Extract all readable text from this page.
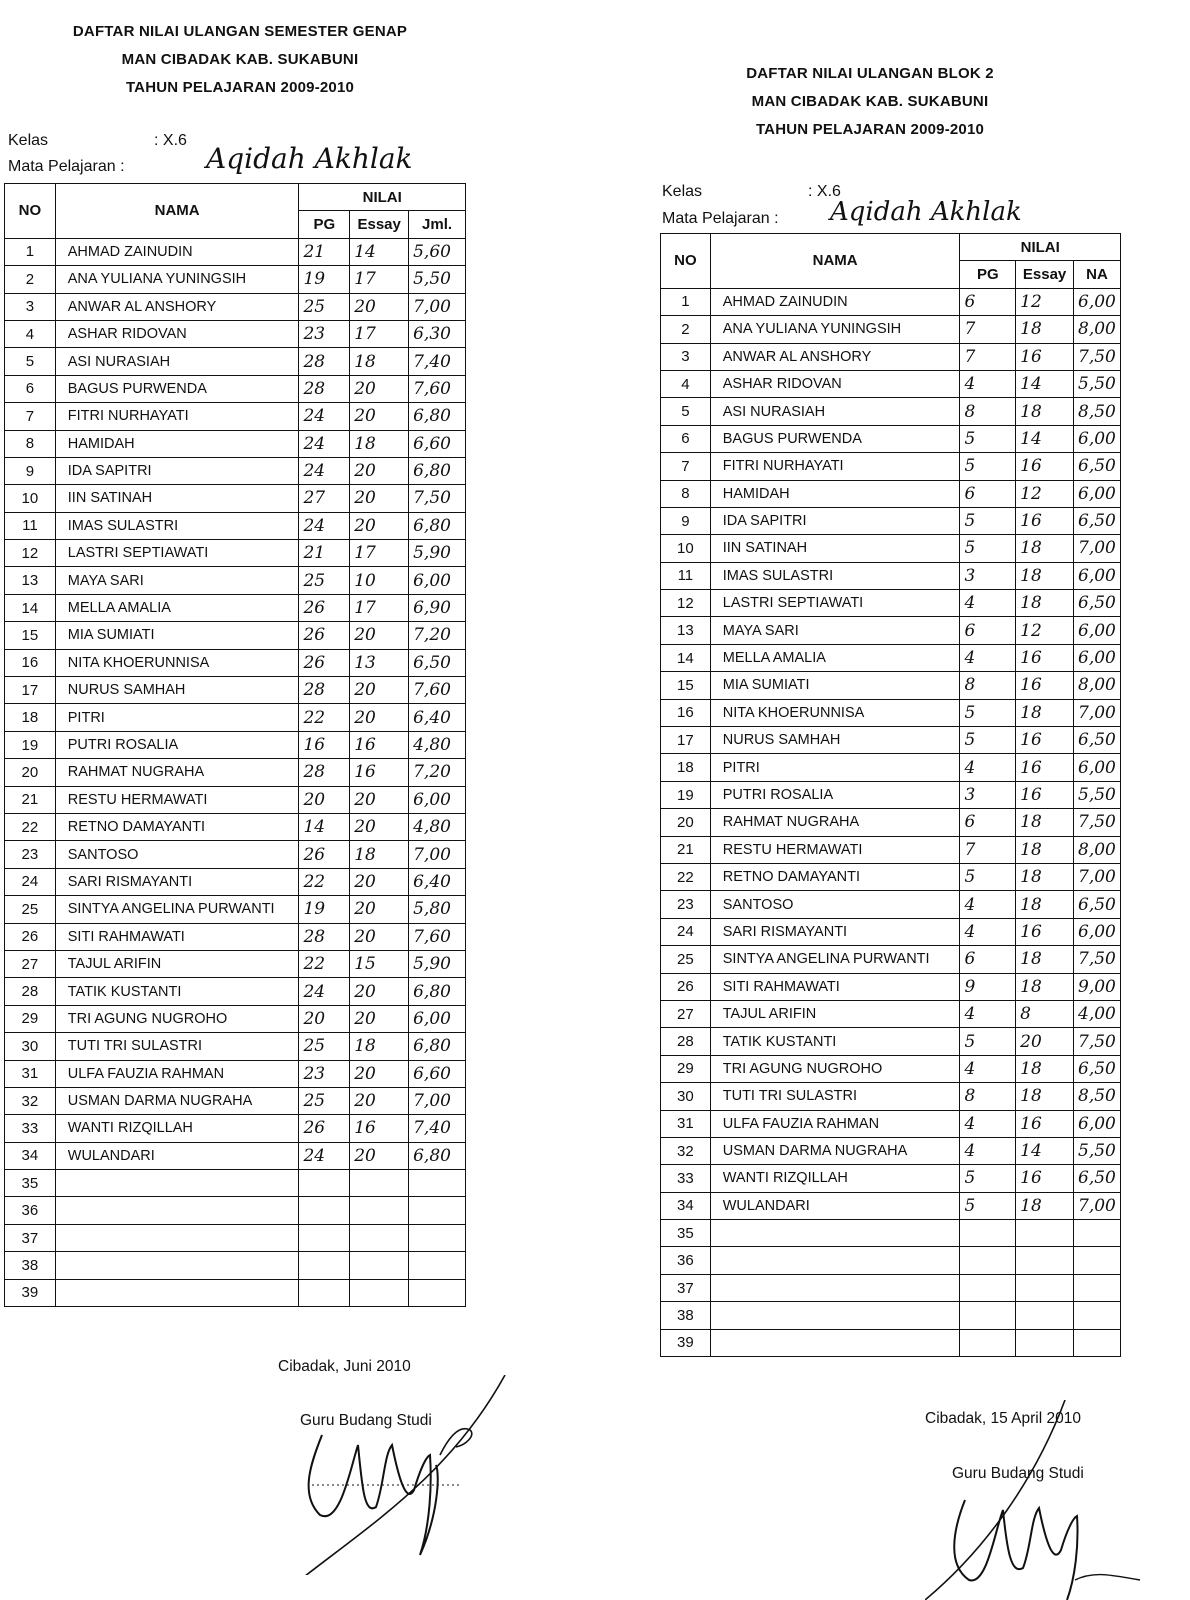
DAFTAR NILAI ULANGAN SEMESTER GENAP
MAN CIBADAK KAB. SUKABUNI
TAHUN PELAJARAN 2009-2010
Kelas	: X.6
Mata Pelajaran :	Aqidah Akhlak
NO	NAMA	NILAI		
		PG	Essay	Jml.
1	AHMAD ZAINUDIN	21	14	5,60
2	ANA YULIANA YUNINGSIH	19	17	5,50
3	ANWAR AL ANSHORY	25	20	7,00
4	ASHAR RIDOVAN	23	17	6,30
5	ASI NURASIAH	28	18	7,40
6	BAGUS PURWENDA	28	20	7,60
7	FITRI NURHAYATI	24	20	6,80
8	HAMIDAH	24	18	6,60
9	IDA SAPITRI	24	20	6,80
10	IIN SATINAH	27	20	7,50
11	IMAS SULASTRI	24	20	6,80
12	LASTRI SEPTIAWATI	21	17	5,90
13	MAYA SARI	25	10	6,00
14	MELLA AMALIA	26	17	6,90
15	MIA SUMIATI	26	20	7,20
16	NITA KHOERUNNISA	26	13	6,50
17	NURUS SAMHAH	28	20	7,60
18	PITRI	22	20	6,40
19	PUTRI ROSALIA	16	16	4,80
20	RAHMAT NUGRAHA	28	16	7,20
21	RESTU HERMAWATI	20	20	6,00
22	RETNO DAMAYANTI	14	20	4,80
23	SANTOSO	26	18	7,00
24	SARI RISMAYANTI	22	20	6,40
25	SINTYA ANGELINA PURWANTI	19	20	5,80
26	SITI RAHMAWATI	28	20	7,60
27	TAJUL ARIFIN	22	15	5,90
28	TATIK KUSTANTI	24	20	6,80
29	TRI AGUNG NUGROHO	20	20	6,00
30	TUTI TRI SULASTRI	25	18	6,80
31	ULFA FAUZIA RAHMAN	23	20	6,60
32	USMAN DARMA NUGRAHA	25	20	7,00
33	WANTI RIZQILLAH	26	16	7,40
34	WULANDARI	24	20	6,80
35				
36				
37				
38				
39				
Cibadak, Juni 2010
Guru Budang Studi
DAFTAR NILAI ULANGAN BLOK 2
MAN CIBADAK KAB. SUKABUNI
TAHUN PELAJARAN 2009-2010
Kelas	: X.6
Mata Pelajaran : Aqidah Akhlak
NO	NAMA	NILAI		
		PG	Essay	NA
1	AHMAD ZAINUDIN	6	12	6,00
2	ANA YULIANA YUNINGSIH	7	18	8,00
3	ANWAR AL ANSHORY	7	16	7,50
4	ASHAR RIDOVAN	4	14	5,50
5	ASI NURASIAH	8	18	8,50
6	BAGUS PURWENDA	5	14	6,00
7	FITRI NURHAYATI	5	16	6,50
8	HAMIDAH	6	12	6,00
9	IDA SAPITRI	5	16	6,50
10	IIN SATINAH	5	18	7,00
11	IMAS SULASTRI	3	18	6,00
12	LASTRI SEPTIAWATI	4	18	6,50
13	MAYA SARI	6	12	6,00
14	MELLA AMALIA	4	16	6,00
15	MIA SUMIATI	8	16	8,00
16	NITA KHOERUNNISA	5	18	7,00
17	NURUS SAMHAH	5	16	6,50
18	PITRI	4	16	6,00
19	PUTRI ROSALIA	3	16	5,50
20	RAHMAT NUGRAHA	6	18	7,50
21	RESTU HERMAWATI	7	18	8,00
22	RETNO DAMAYANTI	5	18	7,00
23	SANTOSO	4	18	6,50
24	SARI RISMAYANTI	4	16	6,00
25	SINTYA ANGELINA PURWANTI	6	18	7,50
26	SITI RAHMAWATI	9	18	9,00
27	TAJUL ARIFIN	4	8	4,00
28	TATIK KUSTANTI	5	20	7,50
29	TRI AGUNG NUGROHO	4	18	6,50
30	TUTI TRI SULASTRI	8	18	8,50
31	ULFA FAUZIA RAHMAN	4	16	6,00
32	USMAN DARMA NUGRAHA	4	14	5,50
33	WANTI RIZQILLAH	5	16	6,50
34	WULANDARI	5	18	7,00
35				
36				
37				
38				
39				
Cibadak, 15 April 2010
Guru Budang Studi
